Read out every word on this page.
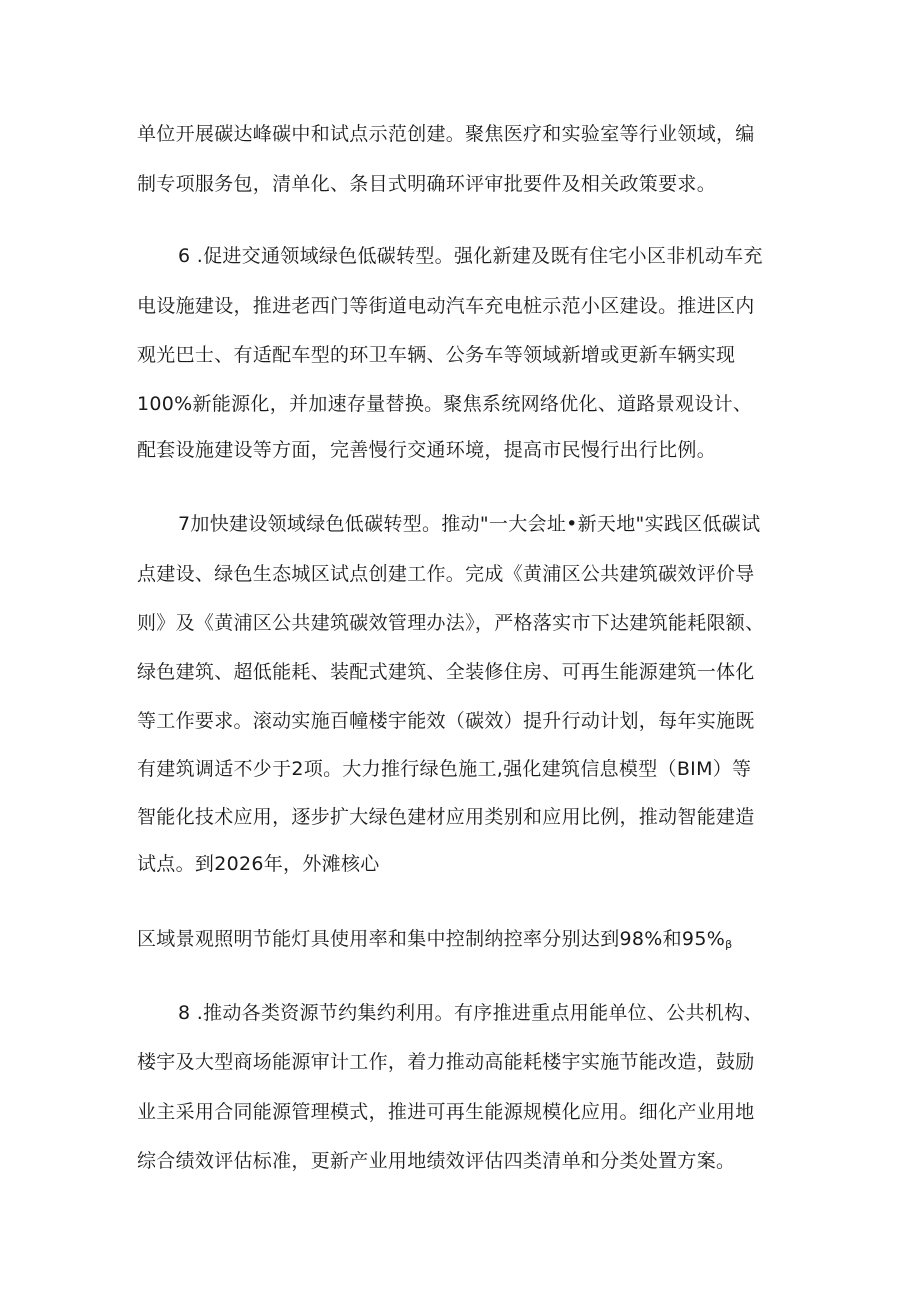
单位开展碳达峰碳中和试点示范创建。聚焦医疗和实验室等行业领域，编
制专项服务包，清单化、条目式明确环评审批要件及相关政策要求。
6 .促进交通领域绿色低碳转型。强化新建及既有住宅小区非机动车充
电设施建设，推进老西门等街道电动汽车充电桩示范小区建设。推进区内
观光巴士、有适配车型的环卫车辆、公务车等领域新增或更新车辆实现
100%新能源化，并加速存量替换。聚焦系统网络优化、道路景观设计、
配套设施建设等方面，完善慢行交通环境，提高市民慢行出行比例。
7加快建设领域绿色低碳转型。推动"一大会址•新天地"实践区低碳试
点建设、绿色生态城区试点创建工作。完成《黄浦区公共建筑碳效评价导
则》及《黄浦区公共建筑碳效管理办法》，严格落实市下达建筑能耗限额、
绿色建筑、超低能耗、装配式建筑、全装修住房、可再生能源建筑一体化
等工作要求。滚动实施百幢楼宇能效（碳效）提升行动计划，每年实施既
有建筑调适不少于2项。大力推行绿色施工,强化建筑信息模型（BIM）等
智能化技术应用，逐步扩大绿色建材应用类别和应用比例，推动智能建造
试点。到2026年，外滩核心
区域景观照明节能灯具使用率和集中控制纳控率分别达到98%和$95\%_\beta$
8 .推动各类资源节约集约利用。有序推进重点用能单位、公共机构、
楼宇及大型商场能源审计工作，着力推动高能耗楼宇实施节能改造，鼓励
业主采用合同能源管理模式，推进可再生能源规模化应用。细化产业用地
综合绩效评估标准，更新产业用地绩效评估四类清单和分类处置方案。
